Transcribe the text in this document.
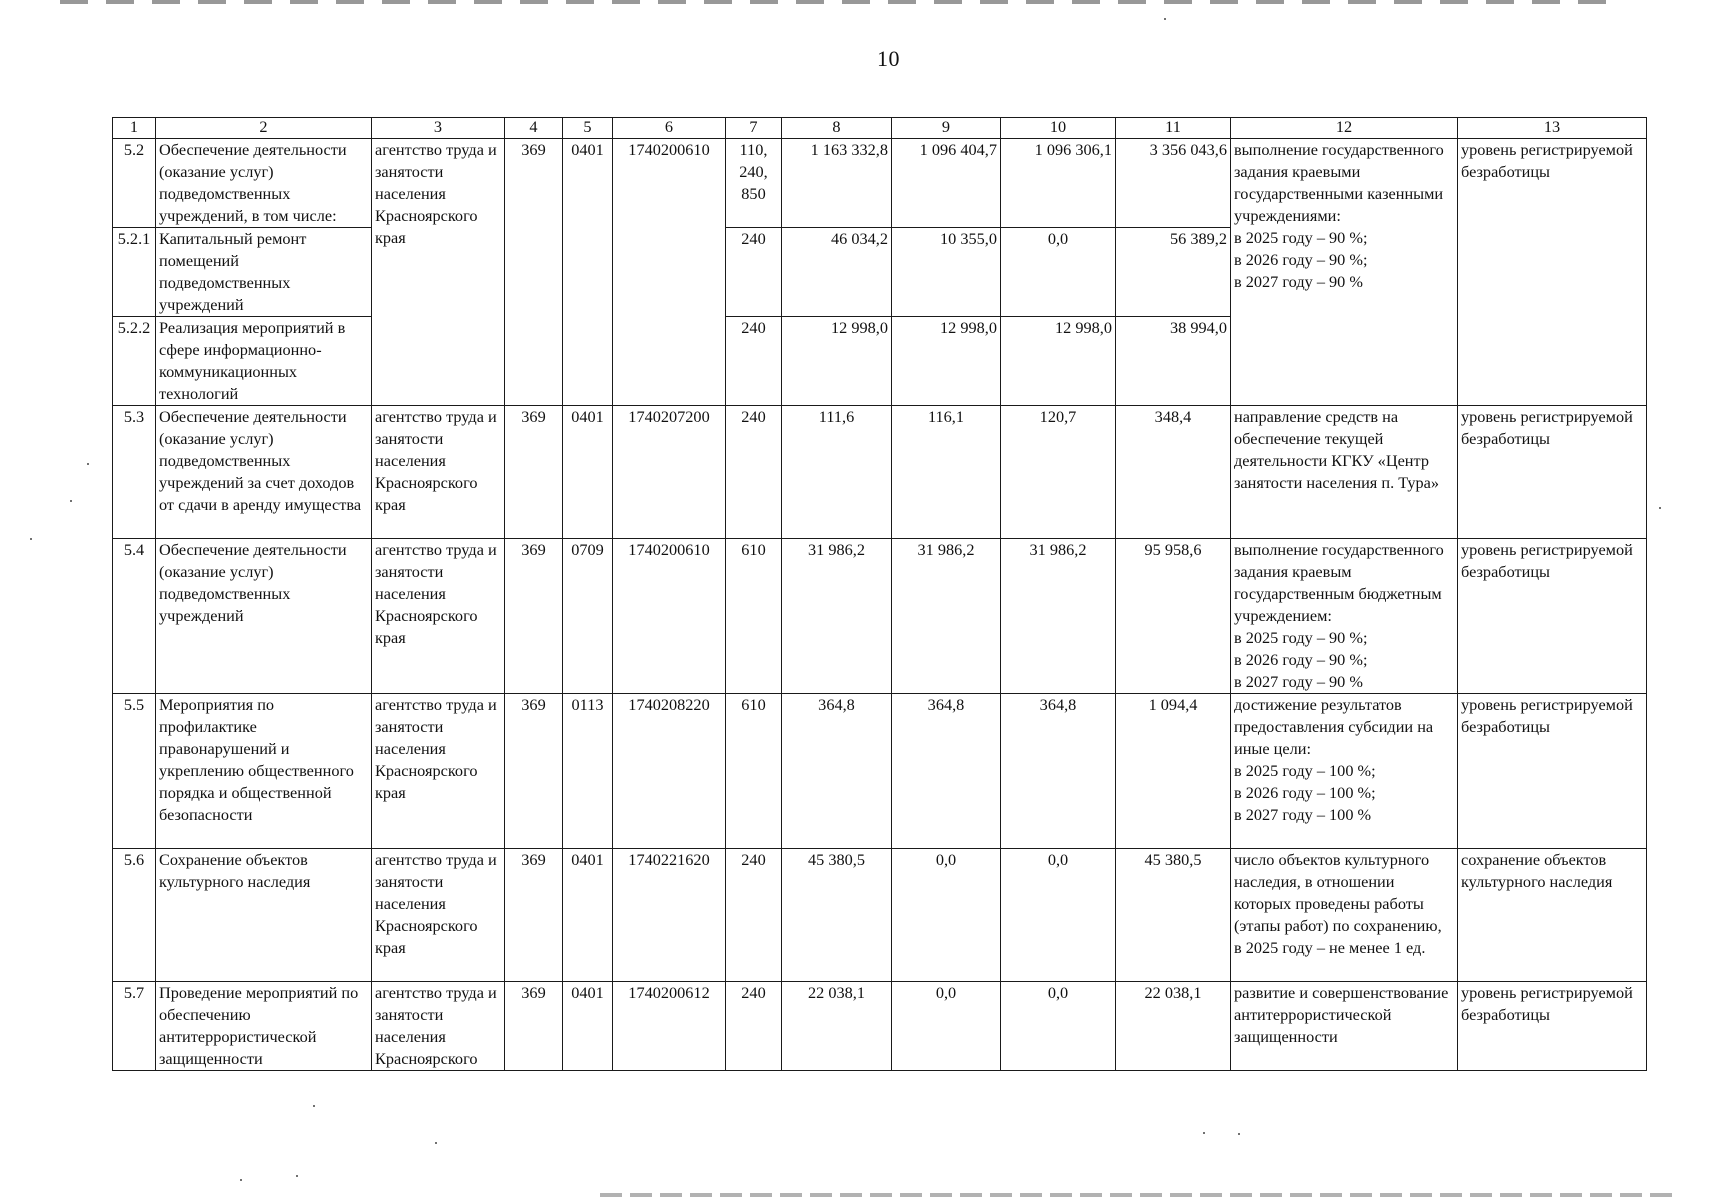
10
1	2	3	4	5	6	7	8	9	10	11	12	13
5.2	Обеспечение деятельности (оказание услуг) подведомственных учреждений, в том числе:	агентство труда и занятости населения Красноярского края	369	0401	1740200610	110,
240,
850	1 163 332,8	1 096 404,7	1 096 306,1	3 356 043,6	выполнение государственного задания краевыми государственными казенными учреждениями:
в 2025 году – 90 %;
в 2026 году – 90 %;
в 2027 году – 90 %	уровень регистрируемой безработицы
5.2.1	Капитальный ремонт помещений подведомственных учреждений					240	46 034,2	10 355,0	0,0	56 389,2		
5.2.2	Реализация мероприятий в сфере информационно-коммуникационных технологий					240	12 998,0	12 998,0	12 998,0	38 994,0		
5.3	Обеспечение деятельности (оказание услуг) подведомственных учреждений за счет доходов от сдачи в аренду имущества	агентство труда и занятости населения Красноярского края	369	0401	1740207200	240	111,6	116,1	120,7	348,4	направление средств на обеспечение текущей деятельности КГКУ «Центр занятости населения п. Тура»	уровень регистрируемой безработицы
5.4	Обеспечение деятельности (оказание услуг) подведомственных учреждений	агентство труда и занятости населения Красноярского края	369	0709	1740200610	610	31 986,2	31 986,2	31 986,2	95 958,6	выполнение государственного задания краевым государственным бюджетным учреждением:
в 2025 году – 90 %;
в 2026 году – 90 %;
в 2027 году – 90 %	уровень регистрируемой безработицы
5.5	Мероприятия по профилактике правонарушений и укреплению общественного порядка и общественной безопасности	агентство труда и занятости населения Красноярского края	369	0113	1740208220	610	364,8	364,8	364,8	1 094,4	достижение результатов предоставления субсидии на иные цели:
в 2025 году – 100 %;
в 2026 году – 100 %;
в 2027 году – 100 %	уровень регистрируемой безработицы
5.6	Сохранение объектов культурного наследия	агентство труда и занятости населения Красноярского края	369	0401	1740221620	240	45 380,5	0,0	0,0	45 380,5	число объектов культурного наследия, в отношении которых проведены работы (этапы работ) по сохранению,
в 2025 году – не менее 1 ед.	сохранение объектов культурного наследия
5.7	Проведение мероприятий по обеспечению антитеррористической защищенности	агентство труда и занятости населения Красноярского	369	0401	1740200612	240	22 038,1	0,0	0,0	22 038,1	развитие и совершенствование антитеррористической защищенности	уровень регистрируемой безработицы
